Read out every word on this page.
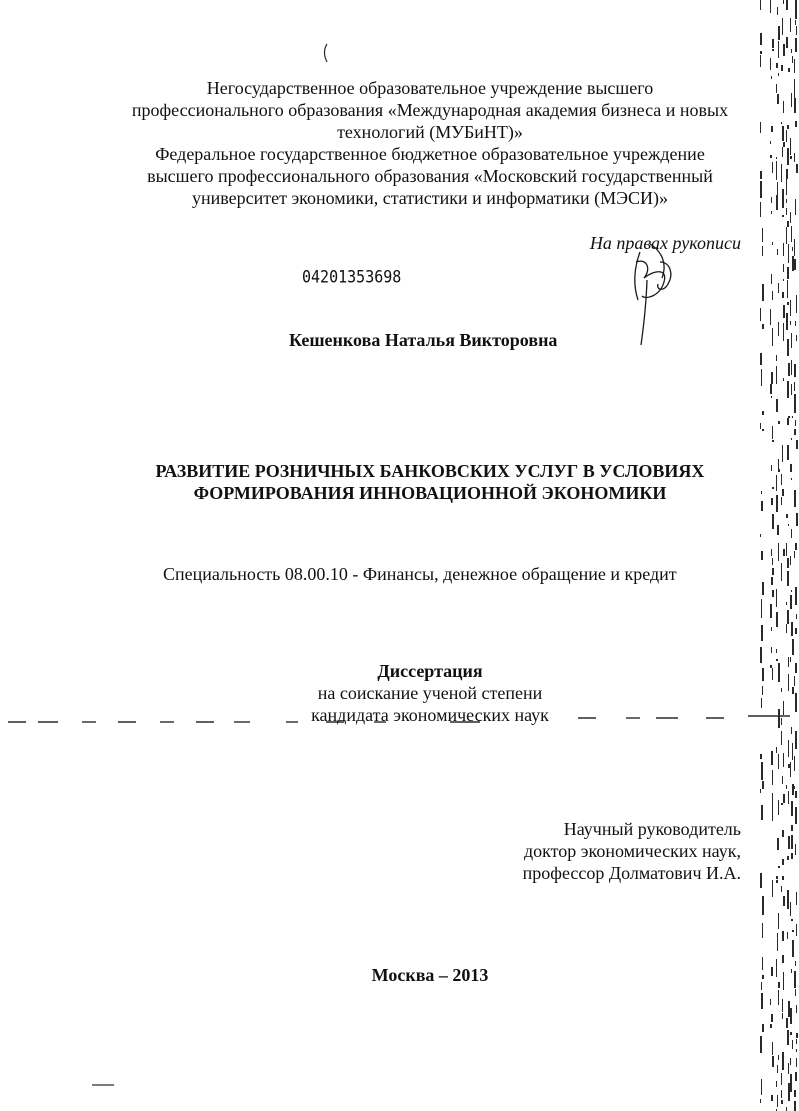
Негосударственное образовательное учреждение высшего
профессионального образования «Международная академия бизнеса и новых
технологий (МУБиНТ)»
Федеральное государственное бюджетное образовательное учреждение
высшего профессионального образования «Московский государственный
университет экономики, статистики и информатики (МЭСИ)»
На правах рукописи
04201353698
Кешенкова Наталья Викторовна
РАЗВИТИЕ РОЗНИЧНЫХ БАНКОВСКИХ УСЛУГ В УСЛОВИЯХ
ФОРМИРОВАНИЯ ИННОВАЦИОННОЙ ЭКОНОМИКИ
Специальность 08.00.10 - Финансы, денежное обращение и кредит
Диссертация
на соискание ученой степени
кандидата экономических наук
Научный руководитель
доктор экономических наук,
профессор Долматович И.А.
Москва – 2013
